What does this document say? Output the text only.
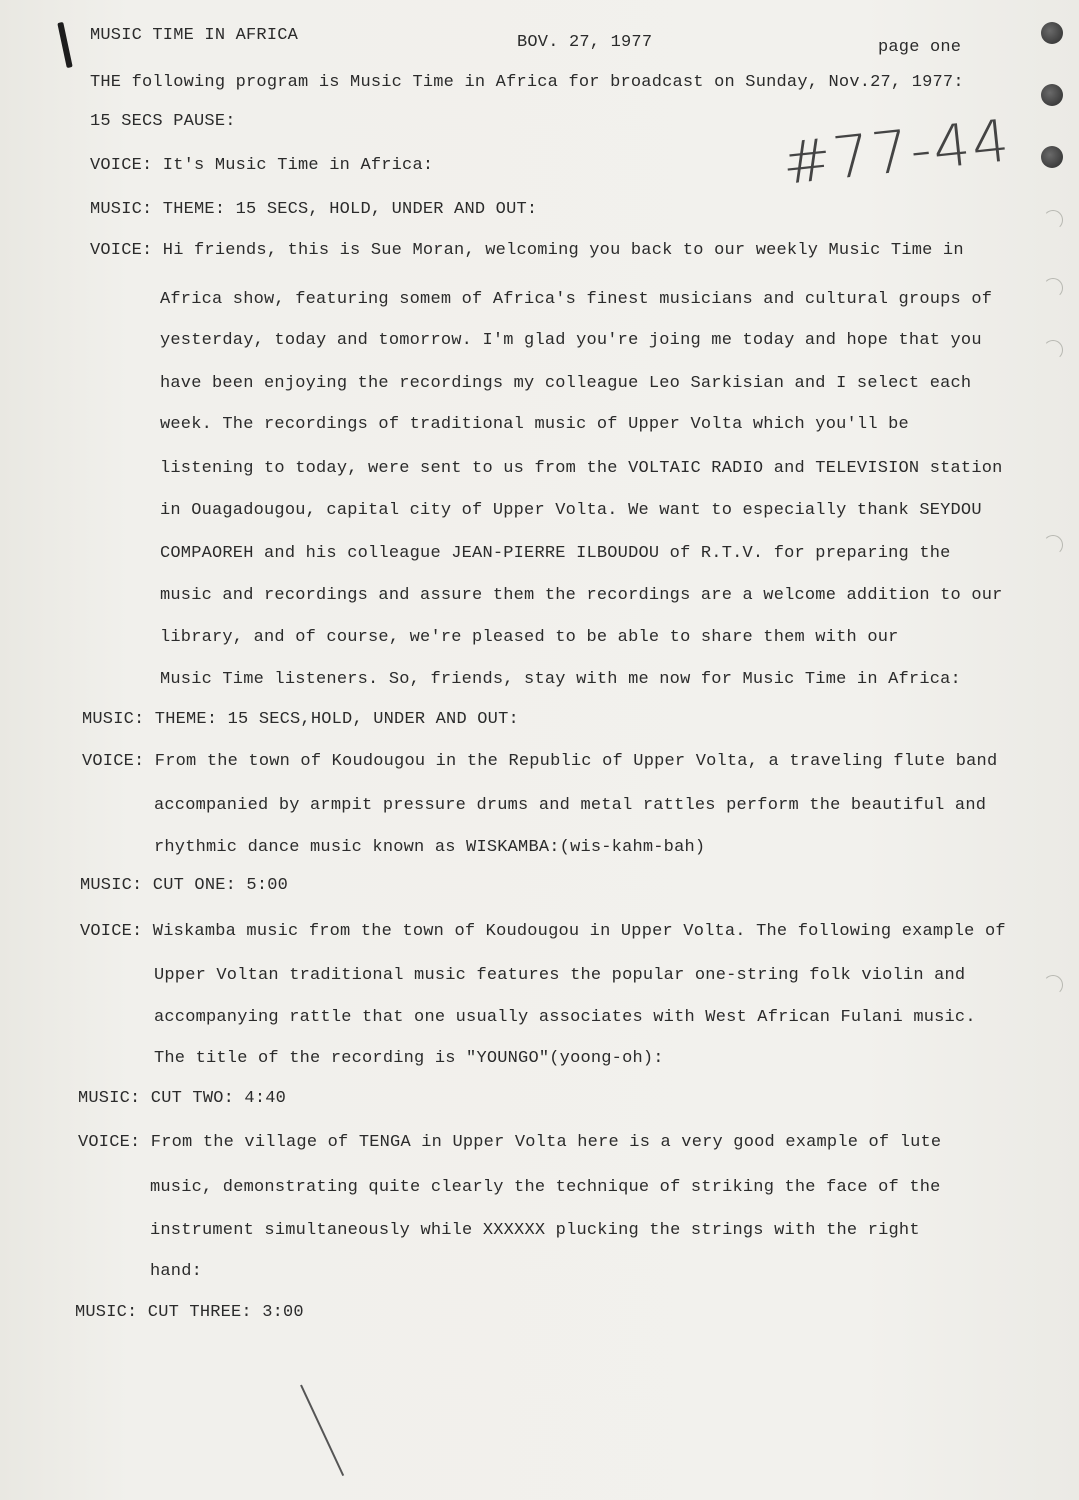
MUSIC TIME IN AFRICA	BOV. 27, 1977	page one
#77-44
THE following program is Music Time in Africa for broadcast on Sunday, Nov.27, 1977:
15 SECS PAUSE:
VOICE: It's Music Time in Africa:
MUSIC: THEME: 15 SECS, HOLD, UNDER AND OUT:
VOICE: Hi friends, this is Sue Moran, welcoming you back to our weekly Music Time in
Africa show, featuring somem of Africa's finest musicians and cultural groups of
yesterday, today and tomorrow. I'm glad you're joing me today and hope that you
have been enjoying the recordings my colleague Leo Sarkisian and I select each
week. The recordings of traditional music of Upper Volta which you'll be
listening to today, were sent to us from the VOLTAIC RADIO and TELEVISION station
in Ouagadougou, capital city of Upper Volta. We want to especially thank SEYDOU
COMPAOREH and his colleague JEAN-PIERRE ILBOUDOU of R.T.V. for preparing the
music and recordings and assure them the recordings are a welcome addition to our
library, and of course, we're pleased to be able to share them with our
Music Time listeners. So, friends, stay with me now for Music Time in Africa:
MUSIC: THEME: 15 SECS,HOLD, UNDER AND OUT:
VOICE: From the town of Koudougou in the Republic of Upper Volta, a traveling flute band
accompanied by armpit pressure drums and metal rattles perform the beautiful and
rhythmic dance music known as WISKAMBA:(wis-kahm-bah)
MUSIC: CUT ONE: 5:00
VOICE: Wiskamba music from the town of Koudougou in Upper Volta. The following example of
Upper Voltan traditional music features the popular one-string folk violin and
accompanying rattle that one usually associates with West African Fulani music.
The title of the recording is "YOUNGO"(yoong-oh):
MUSIC: CUT TWO: 4:40
VOICE: From the village of TENGA in Upper Volta here is a very good example of lute
music, demonstrating quite clearly the technique of striking the face of the
instrument simultaneously while XXXXXX plucking the strings with the right
hand:
MUSIC: CUT THREE: 3:00
